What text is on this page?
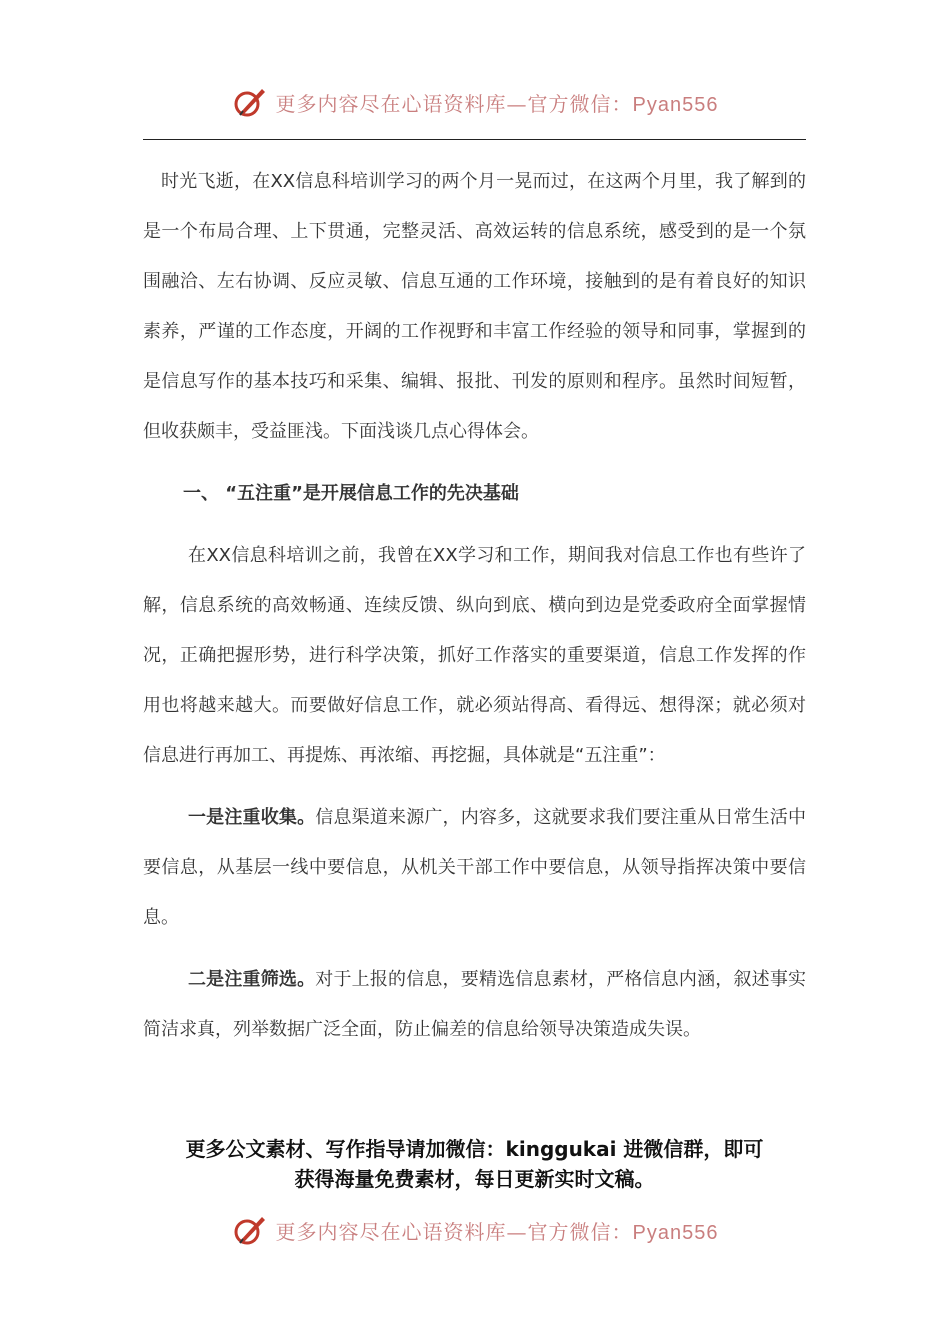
更多内容尽在心语资料库—官方微信：Pyan556

时光飞逝，在XX信息科培训学习的两个月一晃而过，在这两个月里，我了解到的是一个布局合理、上下贯通，完整灵活、高效运转的信息系统，感受到的是一个氛围融洽、左右协调、反应灵敏、信息互通的工作环境，接触到的是有着良好的知识素养，严谨的工作态度，开阔的工作视野和丰富工作经验的领导和同事，掌握到的是信息写作的基本技巧和采集、编辑、报批、刊发的原则和程序。虽然时间短暂，但收获颇丰，受益匪浅。下面浅谈几点心得体会。

一、 “五注重”是开展信息工作的先决基础

在XX信息科培训之前，我曾在XX学习和工作，期间我对信息工作也有些许了解，信息系统的高效畅通、连续反馈、纵向到底、横向到边是党委政府全面掌握情况，正确把握形势，进行科学决策，抓好工作落实的重要渠道，信息工作发挥的作用也将越来越大。而要做好信息工作，就必须站得高、看得远、想得深；就必须对信息进行再加工、再提炼、再浓缩、再挖掘，具体就是“五注重”：

一是注重收集。信息渠道来源广，内容多，这就要求我们要注重从日常生活中要信息，从基层一线中要信息，从机关干部工作中要信息，从领导指挥决策中要信息。

二是注重筛选。对于上报的信息，要精选信息素材，严格信息内涵，叙述事实简洁求真，列举数据广泛全面，防止偏差的信息给领导决策造成失误。

更多公文素材、写作指导请加微信：kinggukai 进微信群，即可
获得海量免费素材，每日更新实时文稿。
更多内容尽在心语资料库—官方微信：Pyan556
